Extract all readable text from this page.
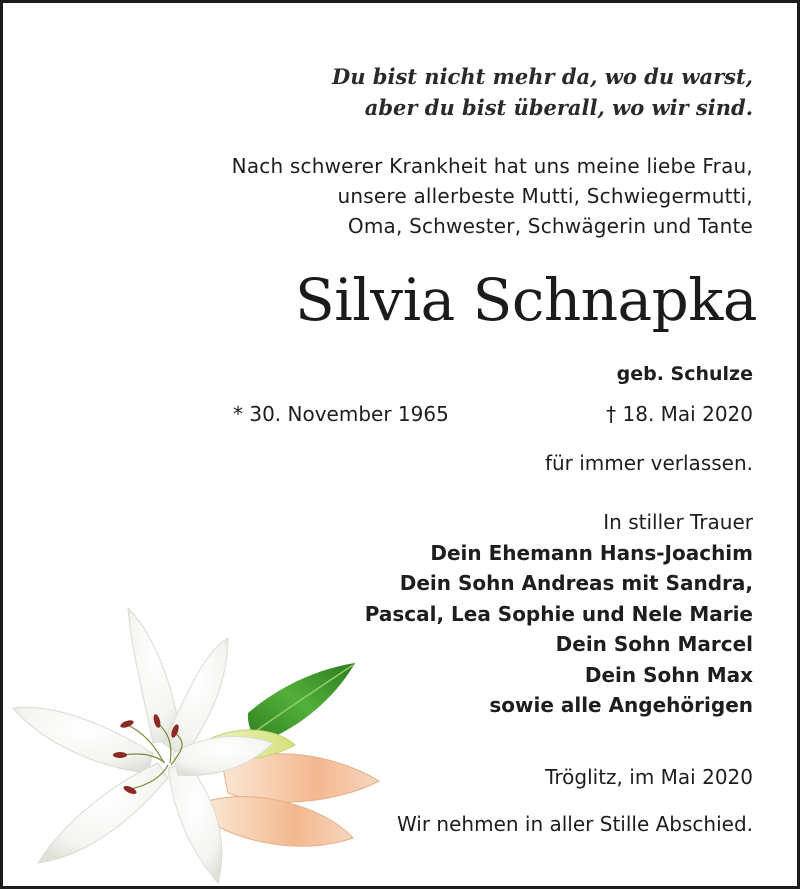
Du bist nicht mehr da, wo du warst,
aber du bist überall, wo wir sind.
Nach schwerer Krankheit hat uns meine liebe Frau,
unsere allerbeste Mutti, Schwiegermutti,
Oma, Schwester, Schwägerin und Tante
Silvia Schnapka
geb. Schulze
* 30. November 1965	† 18. Mai 2020
für immer verlassen.
In stiller Trauer
Dein Ehemann Hans-Joachim
Dein Sohn Andreas mit Sandra,
Pascal, Lea Sophie und Nele Marie
Dein Sohn Marcel
Dein Sohn Max
sowie alle Angehörigen
Tröglitz, im Mai 2020
Wir nehmen in aller Stille Abschied.
